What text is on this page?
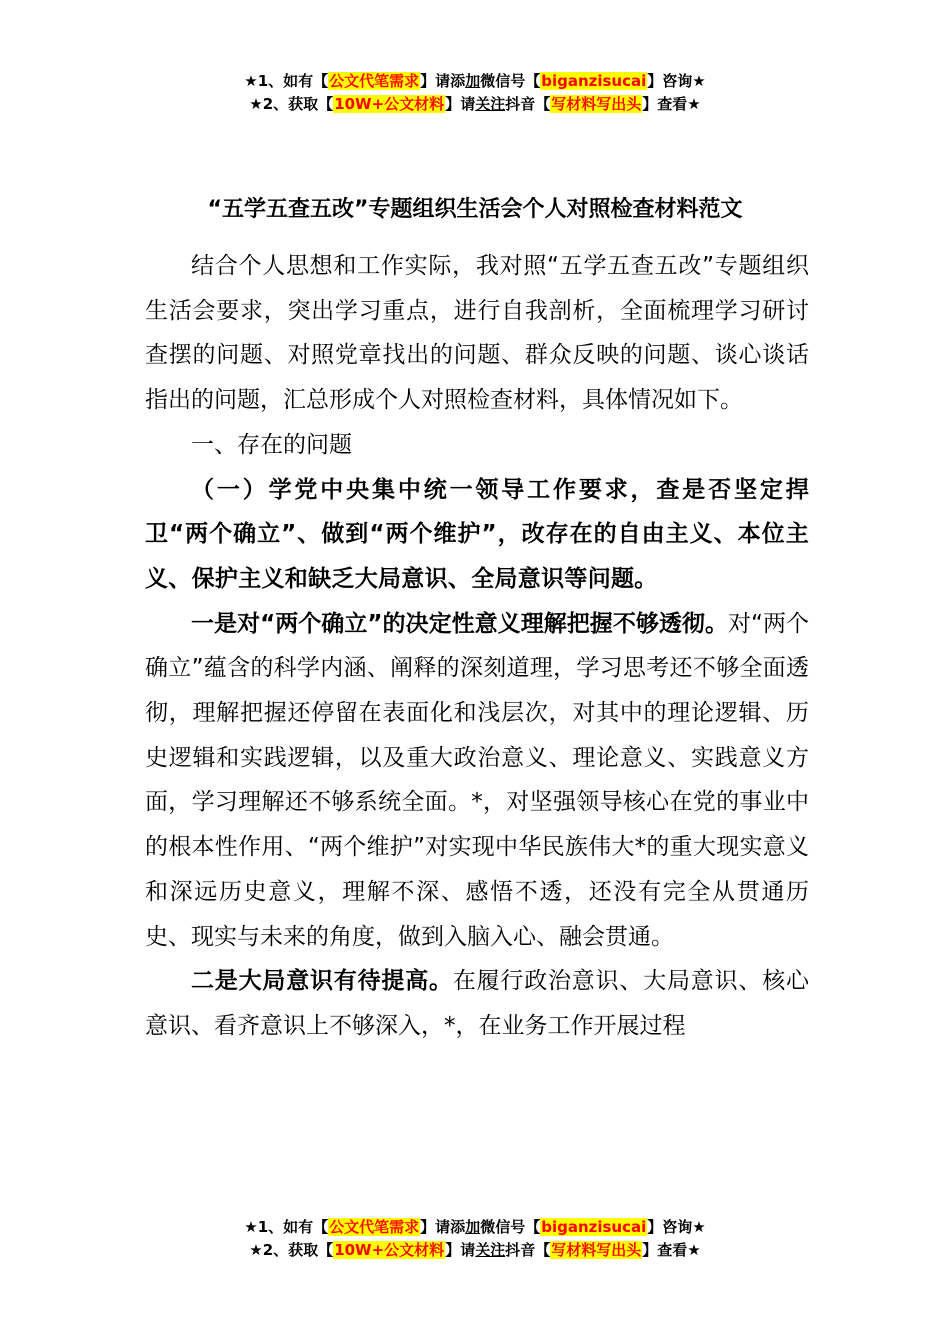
★1、如有【公文代笔需求】请添加微信号【biganzisucai】咨询★
★2、获取【10W+公文材料】请关注抖音【写材料写出头】查看★
“五学五查五改”专题组织生活会个人对照检查材料范文

结合个人思想和工作实际，我对照“五学五查五改”专题组织生活会要求，突出学习重点，进行自我剖析，全面梳理学习研讨查摆的问题、对照党章找出的问题、群众反映的问题、谈心谈话指出的问题，汇总形成个人对照检查材料，具体情况如下。

一、存在的问题

（一）学党中央集中统一领导工作要求，查是否坚定捍卫“两个确立”、做到“两个维护”，改存在的自由主义、本位主义、保护主义和缺乏大局意识、全局意识等问题。

一是对“两个确立”的决定性意义理解把握不够透彻。对“两个确立”蕴含的科学内涵、阐释的深刻道理，学习思考还不够全面透彻，理解把握还停留在表面化和浅层次，对其中的理论逻辑、历史逻辑和实践逻辑，以及重大政治意义、理论意义、实践意义方面，学习理解还不够系统全面。*，对坚强领导核心在党的事业中的根本性作用、“两个维护”对实现中华民族伟大*的重大现实意义和深远历史意义，理解不深、感悟不透，还没有完全从贯通历史、现实与未来的角度，做到入脑入心、融会贯通。

二是大局意识有待提高。在履行政治意识、大局意识、核心意识、看齐意识上不够深入，*，在业务工作开展过程

★1、如有【公文代笔需求】请添加微信号【biganzisucai】咨询★
★2、获取【10W+公文材料】请关注抖音【写材料写出头】查看★
